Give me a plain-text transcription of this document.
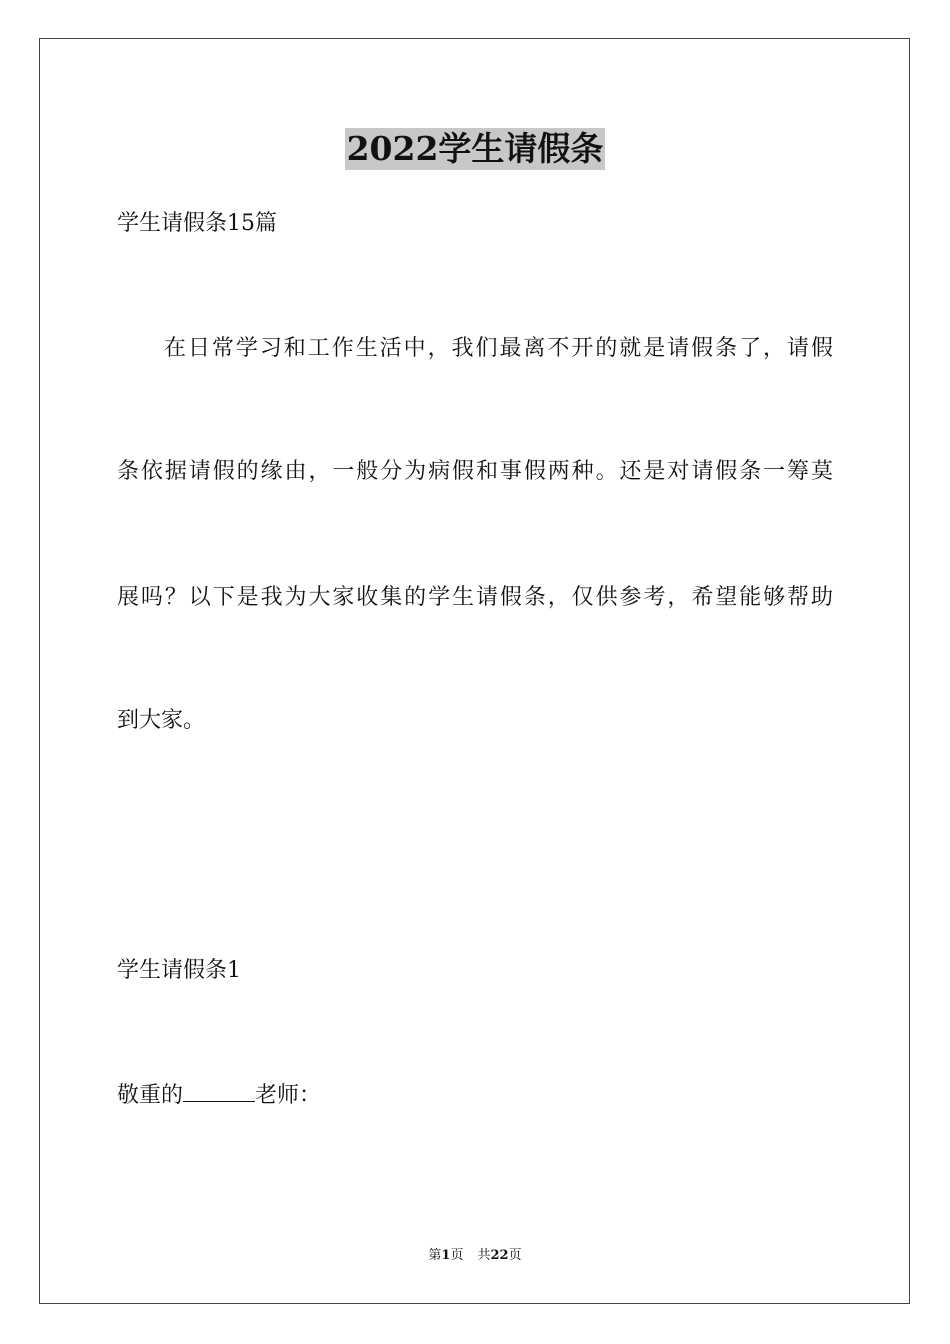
2022学生请假条
学生请假条15篇
在日常学习和工作生活中，我们最离不开的就是请假条了，请假
条依据请假的缘由，一般分为病假和事假两种。还是对请假条一筹莫
展吗？以下是我为大家收集的学生请假条，仅供参考，希望能够帮助
到大家。
学生请假条1
敬重的	老师：
第1页 共22页
